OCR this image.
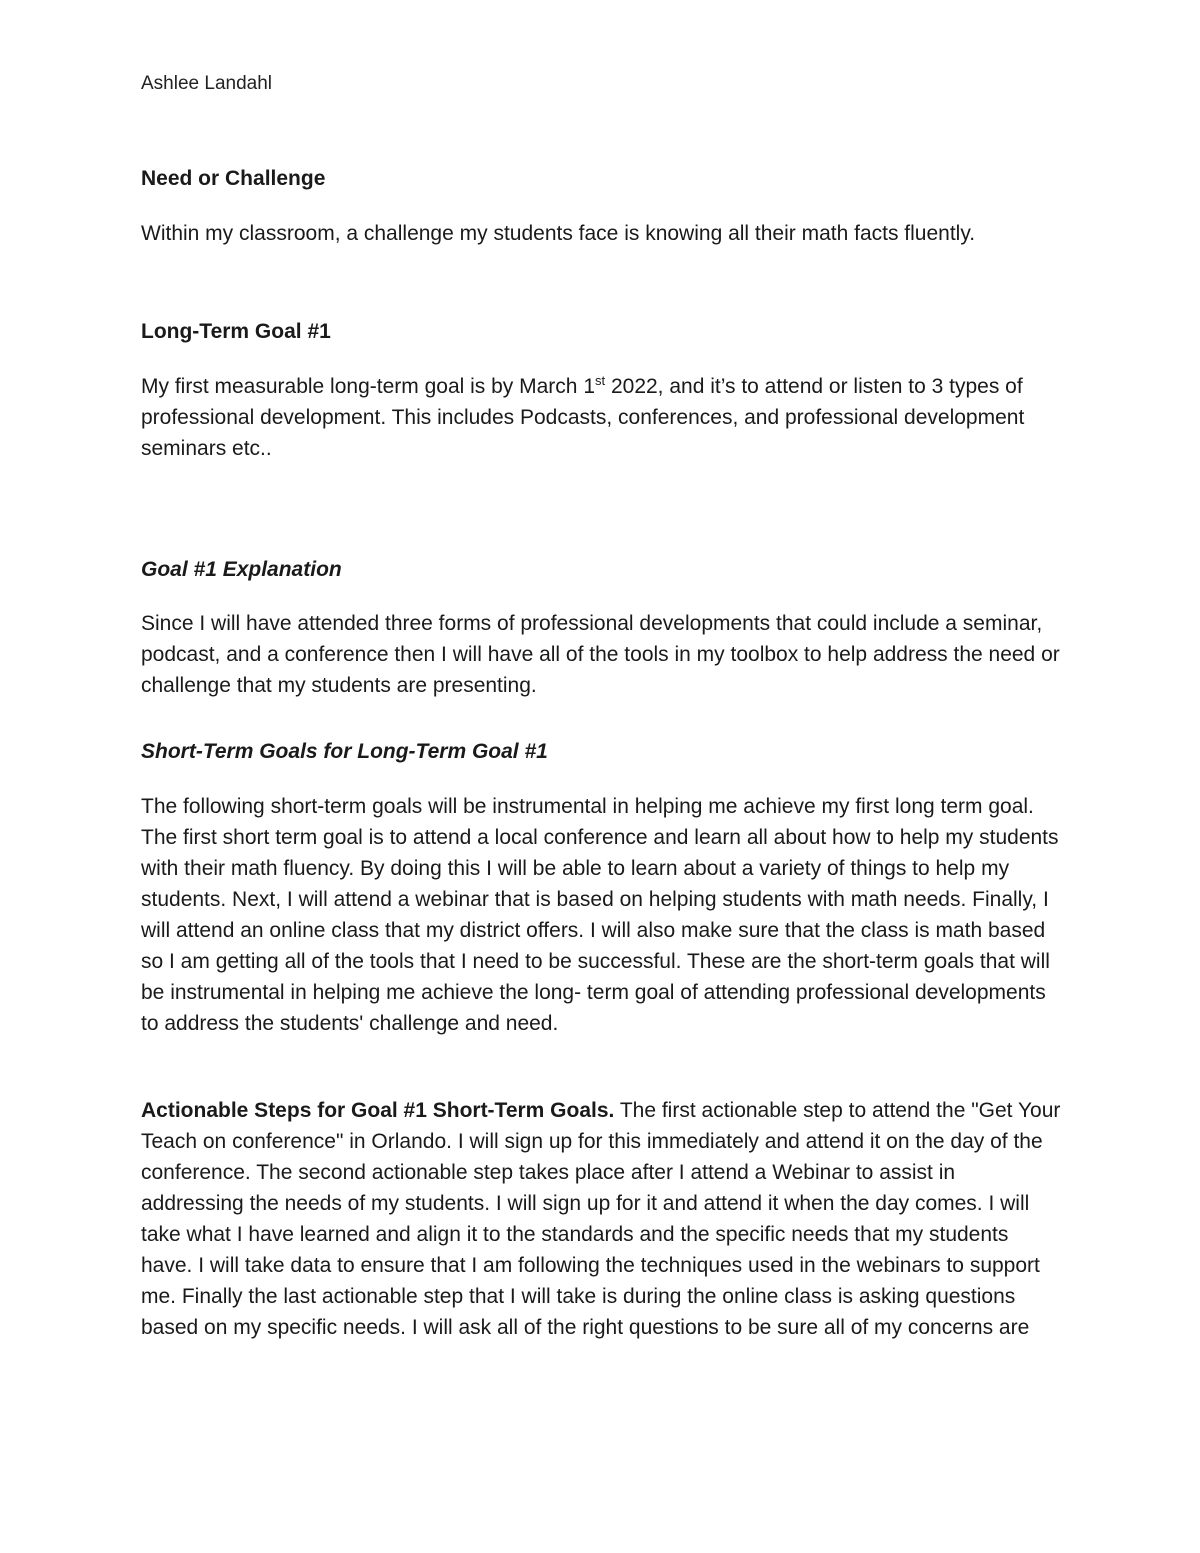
Ashlee Landahl
Need or Challenge

Within my classroom, a challenge my students face is knowing all their math facts fluently.

Long-Term Goal #1

My first measurable long-term goal is by March 1st 2022, and it’s to attend or listen to 3 types of professional development. This includes Podcasts, conferences, and professional development seminars etc..

Goal #1 Explanation

Since I will have attended three forms of professional developments that could include a seminar, podcast, and a conference then I will have all of the tools in my toolbox to help address the need or challenge that my students are presenting.

Short-Term Goals for Long-Term Goal #1

The following short-term goals will be instrumental in helping me achieve my first long term goal. The first short term goal is to attend a local conference and learn all about how to help my students with their math fluency. By doing this I will be able to learn about a variety of things to help my students. Next, I will attend a webinar that is based on helping students with math needs. Finally, I will attend an online class that my district offers. I will also make sure that the class is math based so I am getting all of the tools that I need to be successful. These are the short-term goals that will be instrumental in helping me achieve the long- term goal of attending professional developments to address the students' challenge and need.

Actionable Steps for Goal #1 Short-Term Goals. The first actionable step to attend the "Get Your Teach on conference" in Orlando. I will sign up for this immediately and attend it on the day of the conference. The second actionable step takes place after I attend a Webinar to assist in addressing the needs of my students. I will sign up for it and attend it when the day comes. I will take what I have learned and align it to the standards and the specific needs that my students have. I will take data to ensure that I am following the techniques used in the webinars to support me. Finally the last actionable step that I will take is during the online class is asking questions based on my specific needs. I will ask all of the right questions to be sure all of my concerns are
